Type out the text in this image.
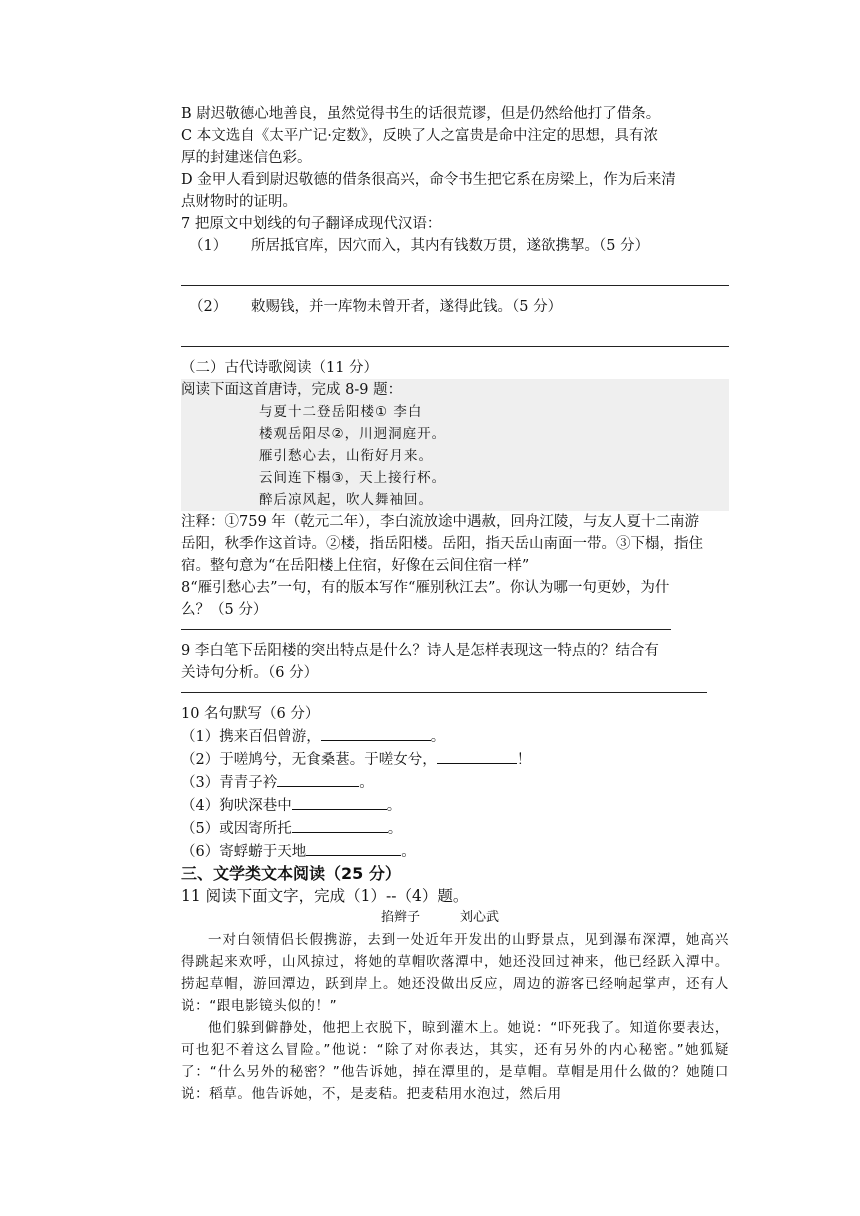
B 尉迟敬德心地善良，虽然觉得书生的话很荒谬，但是仍然给他打了借条。
C 本文选自《太平广记·定数》，反映了人之富贵是命中注定的思想，具有浓
厚的封建迷信色彩。
D 金甲人看到尉迟敬德的借条很高兴，命令书生把它系在房梁上，作为后来清
点财物时的证明。
7 把原文中划线的句子翻译成现代汉语：
（1） 所居抵官库，因穴而入，其内有钱数万贯，遂欲携挈。（5 分）
（2） 敕赐钱，并一库物未曾开者，遂得此钱。（5 分）
（二）古代诗歌阅读（11 分）
阅读下面这首唐诗，完成 8-9 题：
与夏十二登岳阳楼① 李白
楼观岳阳尽②，川迥洞庭开。
雁引愁心去，山衔好月来。
云间连下榻③，天上接行杯。
醉后凉风起，吹人舞袖回。
注释：①759 年（乾元二年），李白流放途中遇赦，回舟江陵，与友人夏十二南游
岳阳，秋季作这首诗。②楼，指岳阳楼。岳阳，指天岳山南面一带。③下榻，指住
宿。整句意为“在岳阳楼上住宿，好像在云间住宿一样”
8“雁引愁心去”一句，有的版本写作“雁别秋江去”。你认为哪一句更妙，为什
么？（5 分）
9 李白笔下岳阳楼的突出特点是什么？诗人是怎样表现这一特点的？结合有
关诗句分析。（6 分）
10 名句默写（6 分）
（1）携来百侣曾游，	。
（2）于嗟鸠兮，无食桑葚。于嗟女兮，	！
（3）青青子衿	。
（4）狗吠深巷中	。
（5）或因寄所托	。
（6）寄蜉蝣于天地	。
三、文学类文本阅读（25 分）
11 阅读下面文字，完成（1）--（4）题。
掐辫子	刘心武
一对白领情侣长假携游，去到一处近年开发出的山野景点，见到瀑布深潭，她高兴得跳起来欢呼，山风掠过，将她的草帽吹落潭中，她还没回过神来，他已经跃入潭中。捞起草帽，游回潭边，跃到岸上。她还没做出反应，周边的游客已经响起掌声，还有人说：“跟电影镜头似的！”
他们躲到僻静处，他把上衣脱下，晾到灌木上。她说：“吓死我了。知道你要表达，可也犯不着这么冒险。”他说：“除了对你表达，其实，还有另外的内心秘密。”她狐疑了：“什么另外的秘密？”他告诉她，掉在潭里的，是草帽。草帽是用什么做的？她随口说：稻草。他告诉她，不，是麦秸。把麦秸用水泡过，然后用
